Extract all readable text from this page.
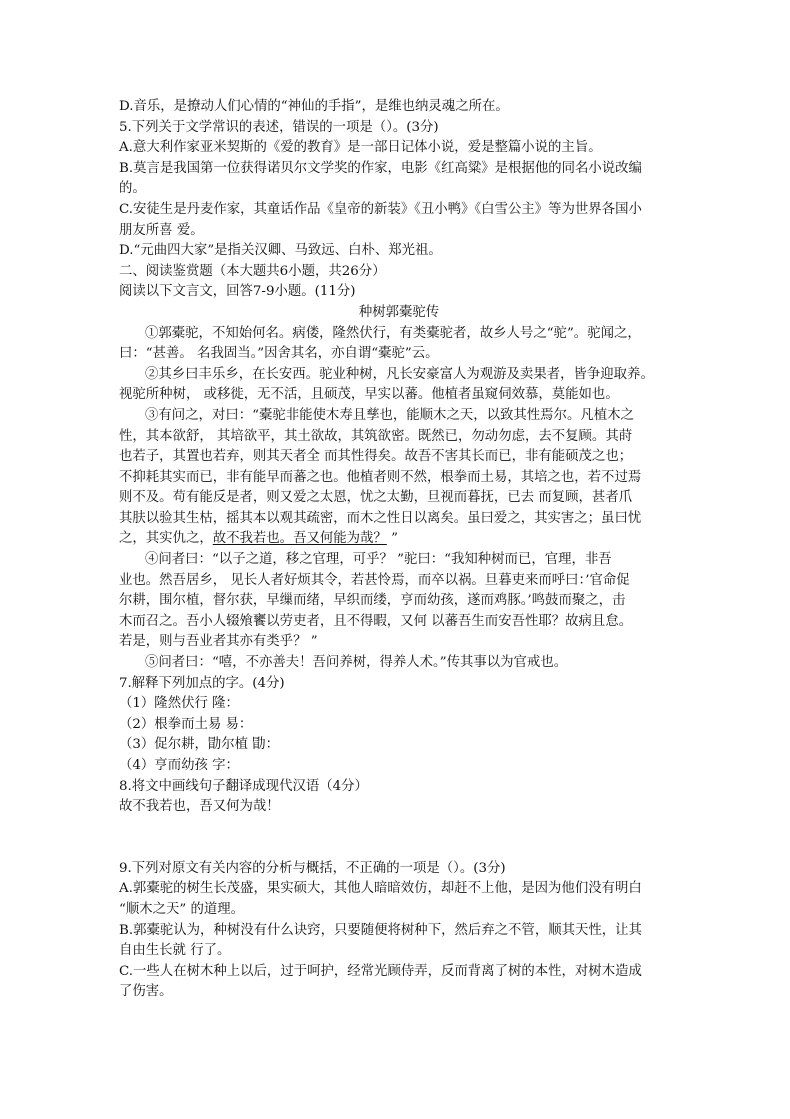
D.音乐，是撩动人们心情的“神仙的手指”，是维也纳灵魂之所在。

5.下列关于文学常识的表述，错误的一项是（）。(3分)

A.意大利作家亚米契斯的《爱的教育》是一部日记体小说，爱是整篇小说的主旨。

B.莫言是我国第一位获得诺贝尔文学奖的作家，电影《红高粱》是根据他的同名小说改编

的。

C.安徒生是丹麦作家，其童话作品《皇帝的新装》《丑小鸭》《白雪公主》等为世界各国小

朋友所喜 爱。

D.“元曲四大家”是指关汉卿、马致远、白朴、郑光祖。

二、阅读鉴赏题（本大题共6小题，共26分）

阅读以下文言文，回答7-9小题。(11分)

种树郭橐驼传

①郭橐驼，不知始何名。病偻，隆然伏行，有类橐驼者，故乡人号之“驼”。驼闻之，

曰：“甚善。 名我固当。”因舍其名，亦自谓“橐驼”云。

②其乡曰丰乐乡，在长安西。驼业种树，凡长安豪富人为观游及卖果者，皆争迎取养。

视驼所种树， 或移徙，无不活，且硕茂，早实以蕃。他植者虽窥伺效慕，莫能如也。

③有问之，对曰：“橐驼非能使木寿且孳也，能顺木之天，以致其性焉尔。凡植木之

性，其本欲舒， 其培欲平，其土欲故，其筑欲密。既然已，勿动勿虑，去不复顾。其莳

也若子，其置也若弃，则其天者全 而其性得矣。故吾不害其长而已，非有能硕茂之也；

不抑耗其实而已，非有能早而蕃之也。他植者则不然，根拳而土易，其培之也，若不过焉

则不及。苟有能反是者，则又爱之太恩，忧之太勤，旦视而暮抚，已去 而复顾，甚者爪

其肤以验其生枯，摇其本以观其疏密，而木之性日以离矣。虽曰爱之，其实害之；虽曰忧

之，其实仇之，故不我若也。吾又何能为哉？ ”

④问者曰：“以子之道，移之官理，可乎？ ”驼曰：“我知种树而已，官理，非吾

业也。然吾居乡， 见长人者好烦其令，若甚怜焉，而卒以祸。旦暮吏来而呼曰：’官命促

尔耕，围尔植，督尔获，早缫而绪，早织而缕，亨而幼孩，遂而鸡豚。’鸣鼓而聚之，击

木而召之。吾小人辍飧饔以劳吏者，且不得暇，又何 以蕃吾生而安吾性耶？故病且怠。

若是，则与吾业者其亦有类乎？ ”

⑤问者曰：“嘻，不亦善夫！吾问养树，得养人术。”传其事以为官戒也。

7.解释下列加点的字。(4分)

（1）隆然伏行 隆：

（2）根拳而土易 易：

（3）促尔耕，勖尔植 勖：

（4）亨而幼孩 字：

8.将文中画线句子翻译成现代汉语（4分）

故不我若也，吾又何为哉！

9.下列对原文有关内容的分析与概括，不正确的一项是（）。(3分)

A.郭橐驼的树生长茂盛，果实硕大，其他人暗暗效仿，却赶不上他，是因为他们没有明白

“顺木之天” 的道理。

B.郭橐驼认为，种树没有什么诀窍，只要随便将树种下，然后弃之不管，顺其天性，让其

自由生长就 行了。

C.一些人在树木种上以后，过于呵护，经常光顾侍弄，反而背离了树的本性，对树木造成

了伤害。
